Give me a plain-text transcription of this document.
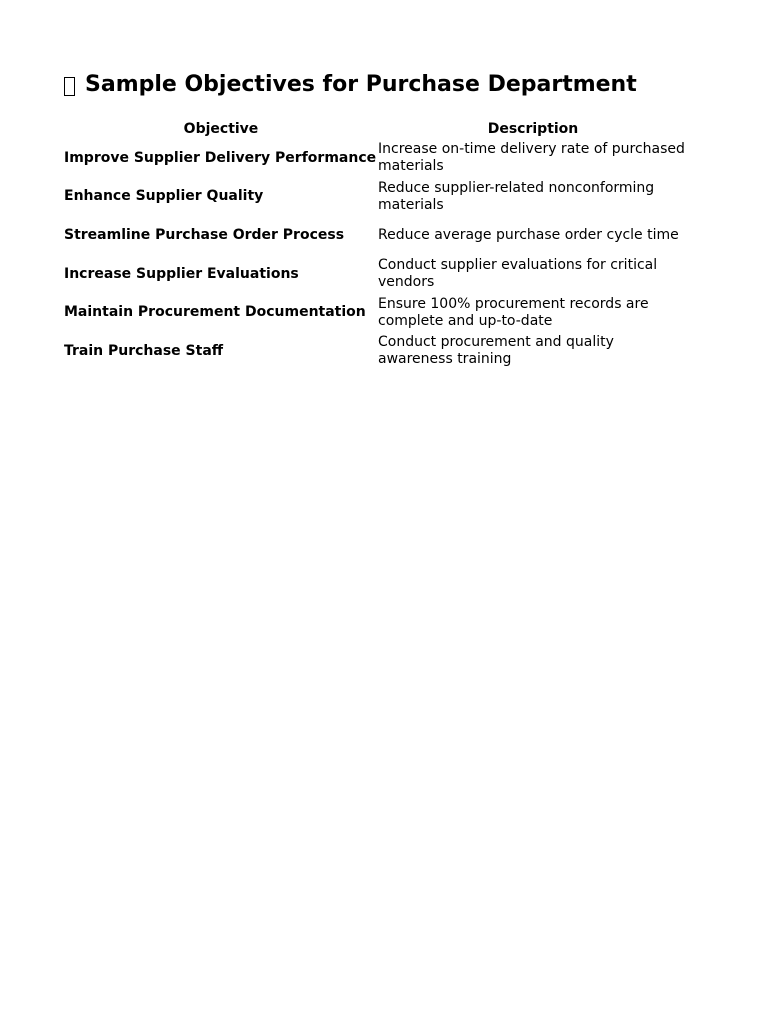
Sample Objectives for Purchase Department
Objective	Description
Improve Supplier Delivery Performance	Increase on-time delivery rate of purchased materials
Enhance Supplier Quality	Reduce supplier-related nonconforming materials
Streamline Purchase Order Process	Reduce average purchase order cycle time
Increase Supplier Evaluations	Conduct supplier evaluations for critical vendors
Maintain Procurement Documentation	Ensure 100% procurement records are complete and up-to-date
Train Purchase Staff	Conduct procurement and quality awareness training
